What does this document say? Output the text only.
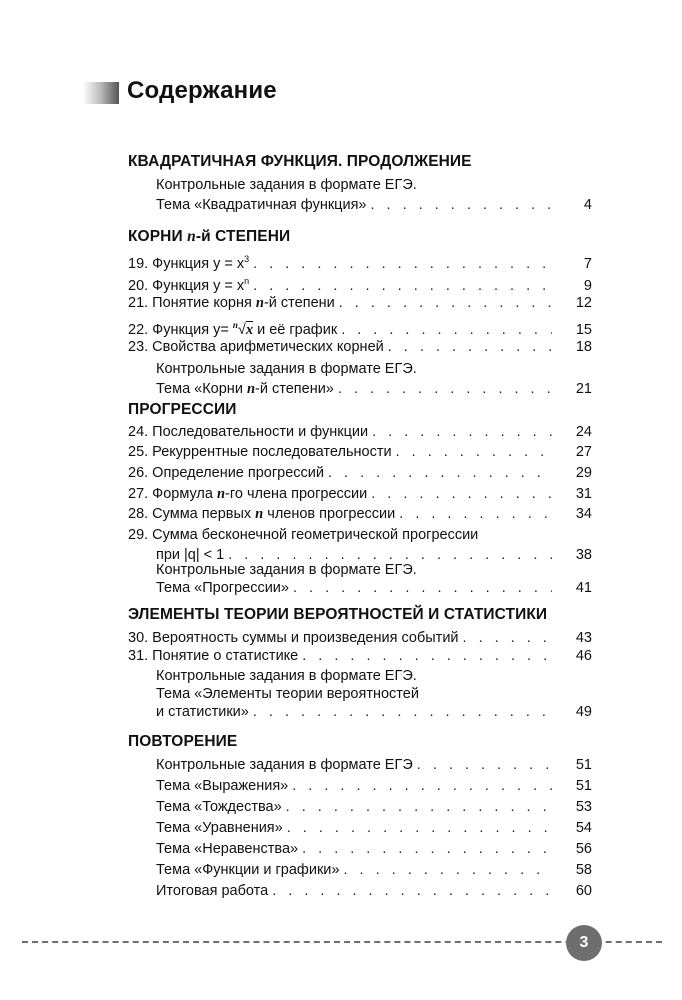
Содержание
КВАДРАТИЧНАЯ ФУНКЦИЯ. ПРОДОЛЖЕНИЕ
Контрольные задания в формате ЕГЭ.
Тема «Квадратичная функция» . . .	4
КОРНИ n-й СТЕПЕНИ
19. Функция $y = x^3$ . . .	7
20. Функция $y = x^n$ . . .	9
21. Понятие корня n-й степени . . .	12
22. Функция y= $^n$√x и её график . . .	15
23. Свойства арифметических корней . . .	18
Контрольные задания в формате ЕГЭ.
Тема «Корни n-й степени» . . .	21
ПРОГРЕССИИ
24. Последовательности и функции . . .	24
25. Рекуррентные последовательности . . .	27
26. Определение прогрессий . . .	29
27. Формула n-го члена прогрессии . . .	31
28. Сумма первых n членов прогрессии . . .	34
29. Сумма бесконечной геометрической прогрессии
при |q| < 1 . . .	38
Контрольные задания в формате ЕГЭ.
Тема «Прогрессии» . . .	41
ЭЛЕМЕНТЫ ТЕОРИИ ВЕРОЯТНОСТЕЙ И СТАТИСТИКИ
30. Вероятность суммы и произведения событий . . .	43
31. Понятие о статистике . . .	46
Контрольные задания в формате ЕГЭ.
Тема «Элементы теории вероятностей
и статистики» . . .	49
ПОВТОРЕНИЕ
Контрольные задания в формате ЕГЭ . . .	51
Тема «Выражения» . . .	51
Тема «Тождества» . . .	53
Тема «Уравнения» . . .	54
Тема «Неравенства» . . .	56
Тема «Функции и графики» . . .	58
Итоговая работа . . .	60
3
